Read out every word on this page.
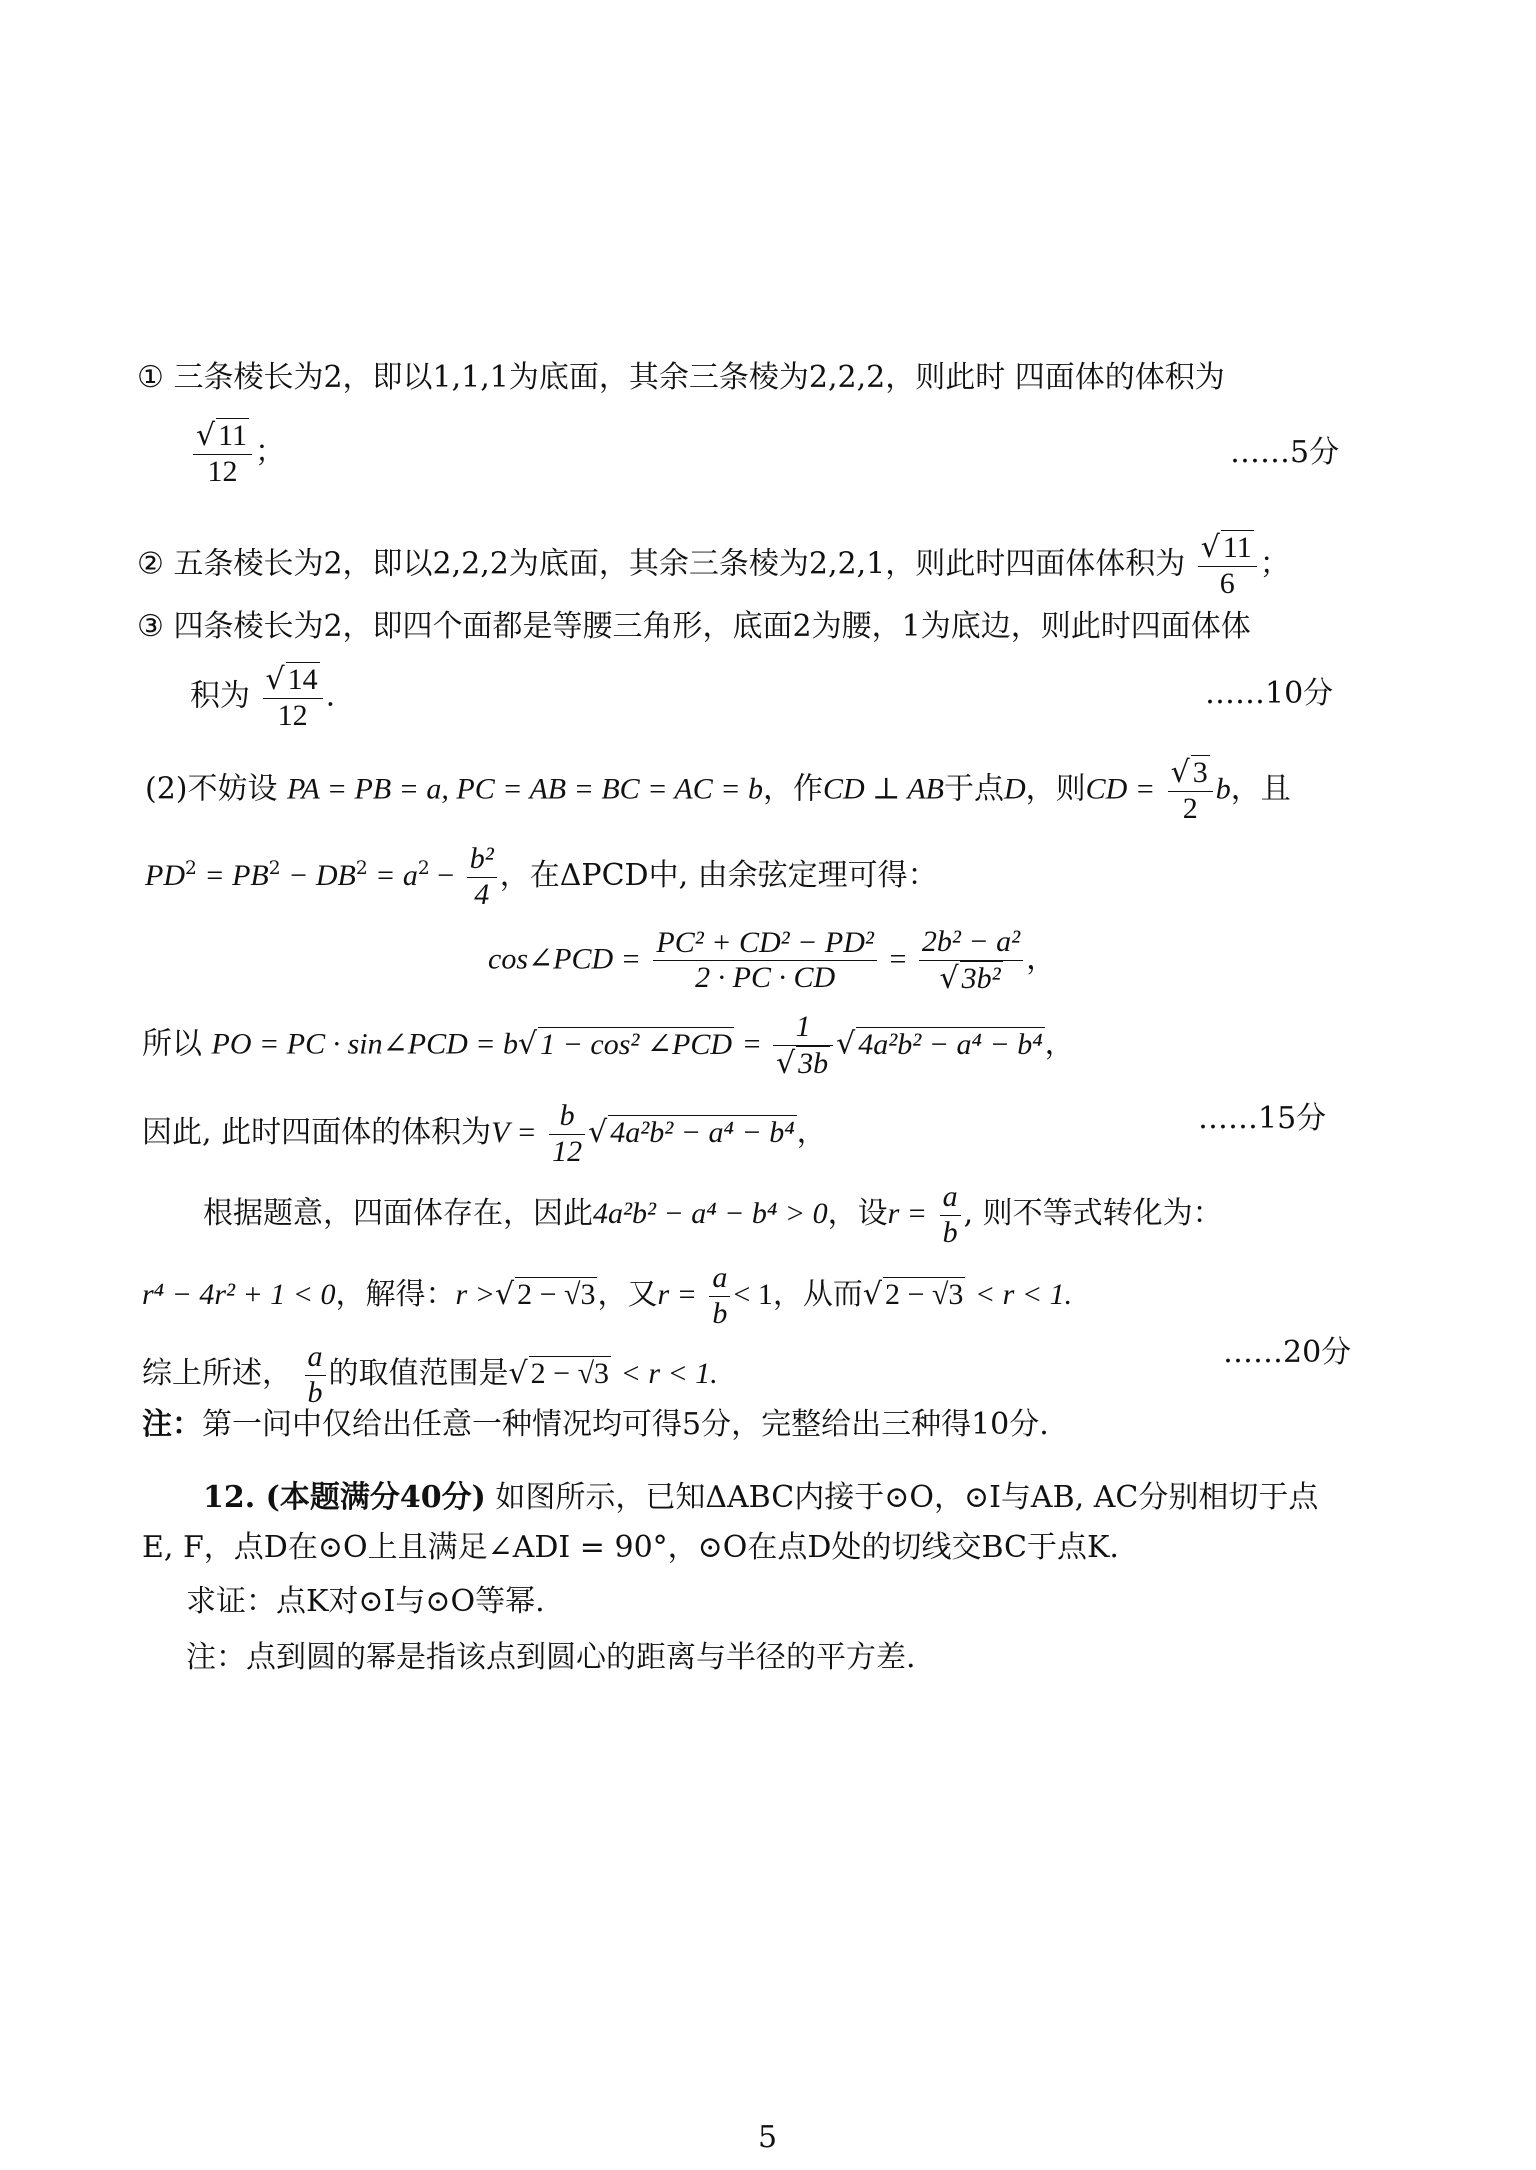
① 三条棱长为2，即以1,1,1为底面，其余三条棱为2,2,2，则此时 四面体的体积为
$\frac{√ 11}{12}$ ；	……5分
② 五条棱长为2，即以2,2,2为底面，其余三条棱为2,2,1，则此时四面体体积为 $\frac{√ 11}{6}$ ；
③ 四条棱长为2，即四个面都是等腰三角形，底面2为腰，1为底边，则此时四面体体
积为 $\frac{√ 14}{12}$ .	……10分
(2)不妨设 PA = PB = a, PC = AB = BC = AC = b，作CD ⊥ AB于点D，则CD = $\frac{√ 3}{2}$ b，且
$PD^2 = PB^2 - DB^2 = a^2 - \frac{\text{b²}}{4}$ ，在ΔPCD中, 由余弦定理可得：
cos∠PCD = $\frac{\text{PC² + CD² − PD²}}{2 \cdot PC \cdot CD} = \frac{\text{2b² − a²}}{\text{√ 3b²}}$ ，
所以 PO = PC · sin∠PCD = b√ 1 − cos² ∠PCD = $\frac{1}{√ 3b}$ √ 4a²b² − a⁴ − b⁴，
因此, 此时四面体的体积为$V = \frac{b}{12}$ √ 4a²b² − a⁴ − b⁴，	……15分
根据题意，四面体存在，因此4a²b² − a⁴ − b⁴ > 0，设$r = \frac{a}{b}$ , 则不等式转化为：
r⁴ − 4r² + 1 < 0，解得：r >√ 2 − √3，又$r = \frac{a}{b} < 1$，从而√ 2 − √3 < r < 1.
综上所述， $\frac{a}{b}$ 的取值范围是√ 2 − √3 < r < 1.
……20分
注：第一问中仅给出任意一种情况均可得5分，完整给出三种得10分.
12. (本题满分40分) 如图所示，已知ΔABC内接于⊙O，⊙I与AB, AC分别相切于点
E, F，点D在⊙O上且满足∠ADI = 90°，⊙O在点D处的切线交BC于点K.
求证：点K对⊙I与⊙O等幂.
注：点到圆的幂是指该点到圆心的距离与半径的平方差.
5
